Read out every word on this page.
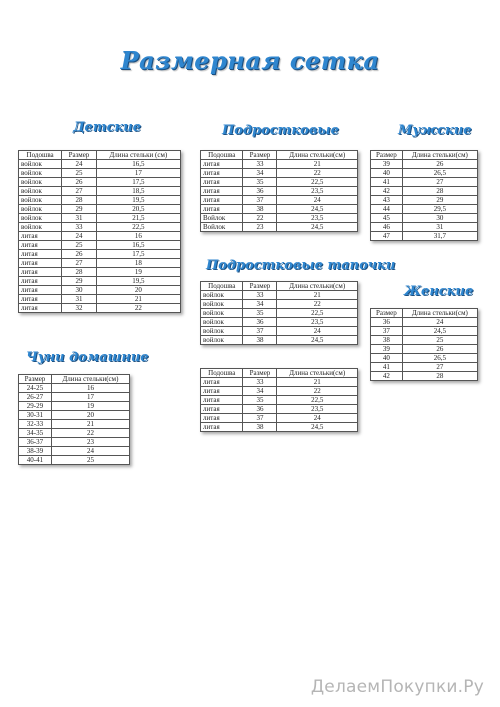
Размерная сетка
Детские
Подошва	Размер	Длина стельки (см)
войлок	24	16,5
войлок	25	17
войлок	26	17,5
войлок	27	18,5
войлок	28	19,5
войлок	29	20,5
войлок	31	21,5
войлок	33	22,5
литая	24	16
литая	25	16,5
литая	26	17,5
литая	27	18
литая	28	19
литая	29	19,5
литая	30	20
литая	31	21
литая	32	22
Подростковые
Подошва	Размер	Длина стельки(см)
литая	33	21
литая	34	22
литая	35	22,5
литая	36	23,5
литая	37	24
литая	38	24,5
Войлок	22	23,5
Войлок	23	24,5
Подростковые тапочки
Подошва	Размер	Длина стельки(см)
войлок	33	21
войлок	34	22
войлок	35	22,5
войлок	36	23,5
войлок	37	24
войлок	38	24,5
Подошва	Размер	Длина стельки(см)
литая	33	21
литая	34	22
литая	35	22,5
литая	36	23,5
литая	37	24
литая	38	24,5
Мужские
Размер	Длина стельки(см)
39	26
40	26,5
41	27
42	28
43	29
44	29,5
45	30
46	31
47	31,7
Женские
Размер	Длина стельки(см)
36	24
37	24,5
38	25
39	26
40	26,5
41	27
42	28
Чуни домашние
Размер	Длина стельки(см)
24-25	16
26-27	17
29-29	19
30-31	20
32-33	21
34-35	22
36-37	23
38-39	24
40-41	25
ДелаемПокупки.Ру
